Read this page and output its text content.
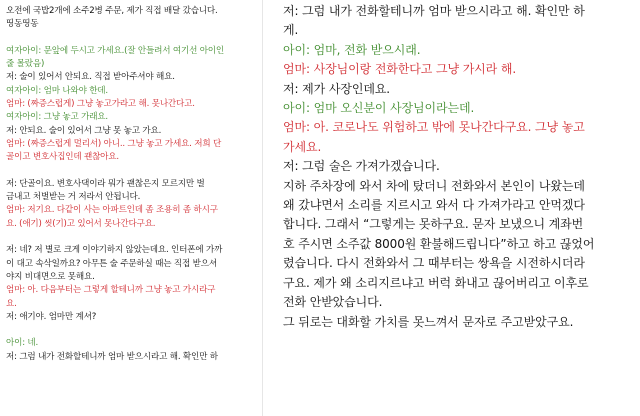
오전에 국밥2개에 소주2병 주문, 제가 직접 배달 갔습니다.
띵동띵동

여자아이: 문앞에 두시고 가세요.(잘 안들려서 여기선 아이인
줄 몰랐음)
저: 술이 있어서 안되요. 직접 받아주셔야 해요.
여자아이: 엄마 나와야 한데.
엄마: (짜증스럽게) 그냥 놓고가라고 해. 못나간다고.
여자아이: 그냥 놓고 가래요.
저: 안되요. 술이 있어서 그냥 못 놓고 가요.
엄마: (짜증스럽게 멀리서) 아니.. 그냥 놓고 가세요. 저희 단
골이고 변호사집인데 괜찮아요.

저: 단골이요. 변호사댁이라 뭐가 괜찮은지 모르지만 벌
금내고 처벌받는 거 저라서 안됩니다.
엄마: 저기요. 다같이 사는 아파트인데 좀 조용히 좀 하시구
요. (애기) 씻(기)고 있어서 못나간다구요.

저: 네? 저 별로 크게 이야기하지 않았는데요. 인터폰에 가까
이 대고 속삭일까요? 아무튼 술 주문하실 때는 직접 받으셔
야지 비대면으로 못해요.
엄마: 아. 다음부터는 그렇게 할테니까 그냥 놓고 가시라구
요.
저: 애기야. 엄마만 계셔?

아이: 네.
저: 그럼 내가 전화할테니까 엄마 받으시라고 해. 확인만 하
저: 그럼 내가 전화할테니까 엄마 받으시라고 해. 확인만 하
게.
아이: 엄마, 전화 받으시래.
엄마: 사장님이랑 전화한다고 그냥 가시라 해.
저: 제가 사장인데요.
아이: 엄마 오신분이 사장님이라는데.
엄마: 아. 코로나도 위험하고 밖에 못나간다구요. 그냥 놓고
가세요.
저: 그럼 술은 가져가겠습니다.
지하 주차장에 와서 차에 탔더니 전화와서 본인이 나왔는데
왜 갔냐면서 소리를 지르시고 와서 다 가져가라고 안먹겠다
합니다. 그래서 “그렇게는 못하구요. 문자 보냈으니 계좌번
호 주시면 소주값 8000원 환불해드립니다”하고 하고 끊었어
렸습니다. 다시 전화와서 그 때부터는 쌍욕을 시전하시더라
구요. 제가 왜 소리지르냐고 버럭 화내고 끊어버리고 이후로
전화 안받았습니다.
그 뒤로는 대화할 가치를 못느껴서 문자로 주고받았구요.
